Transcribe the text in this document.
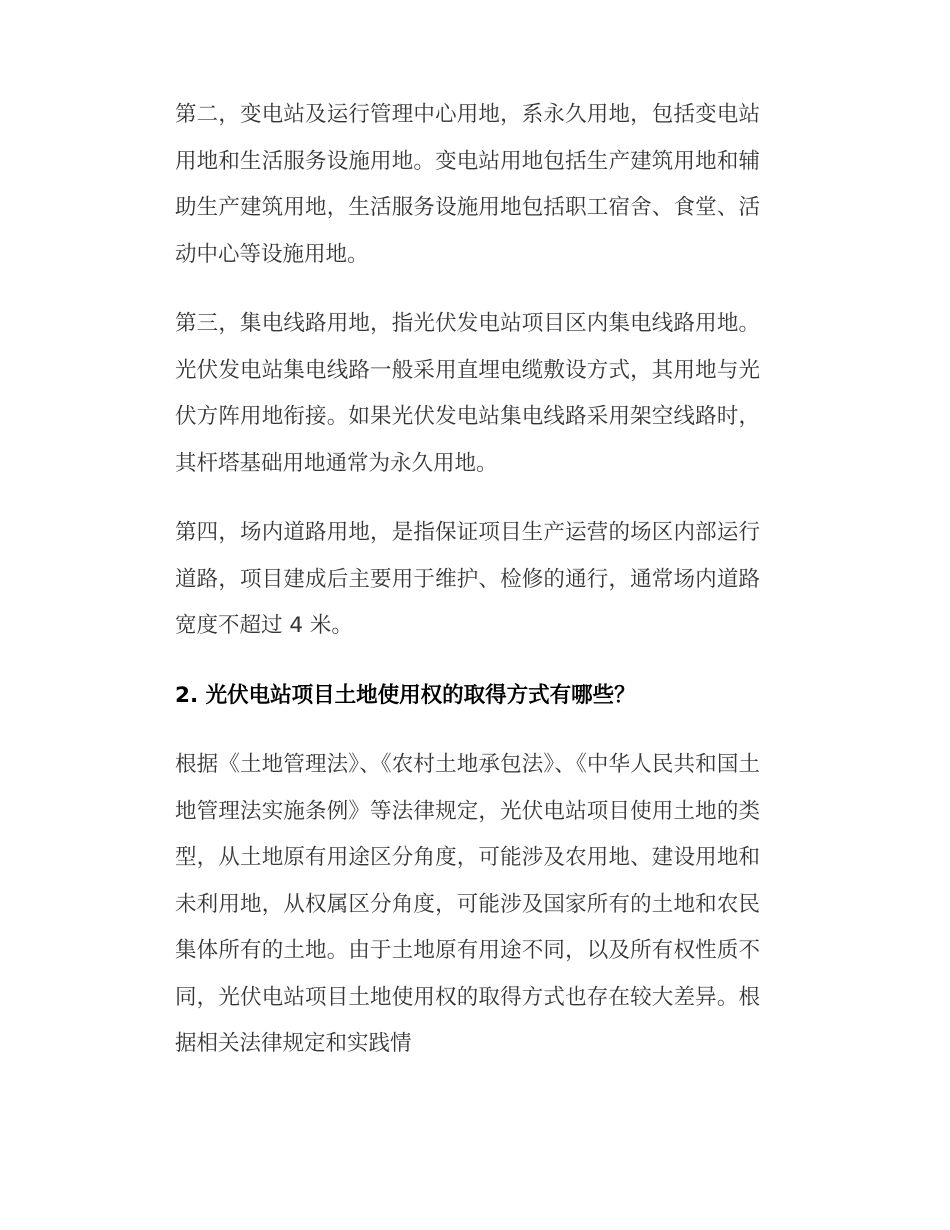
第二，变电站及运行管理中心用地，系永久用地，包括变电站用地和生活服务设施用地。变电站用地包括生产建筑用地和辅助生产建筑用地，生活服务设施用地包括职工宿舍、食堂、活动中心等设施用地。

第三，集电线路用地，指光伏发电站项目区内集电线路用地。光伏发电站集电线路一般采用直埋电缆敷设方式，其用地与光伏方阵用地衔接。如果光伏发电站集电线路采用架空线路时，其杆塔基础用地通常为永久用地。

第四，场内道路用地，是指保证项目生产运营的场区内部运行道路，项目建成后主要用于维护、检修的通行，通常场内道路宽度不超过 4 米。

2. 光伏电站项目土地使用权的取得方式有哪些？

根据《土地管理法》、《农村土地承包法》、《中华人民共和国土地管理法实施条例》等法律规定，光伏电站项目使用土地的类型，从土地原有用途区分角度，可能涉及农用地、建设用地和未利用地，从权属区分角度，可能涉及国家所有的土地和农民集体所有的土地。由于土地原有用途不同，以及所有权性质不同，光伏电站项目土地使用权的取得方式也存在较大差异。根据相关法律规定和实践情
